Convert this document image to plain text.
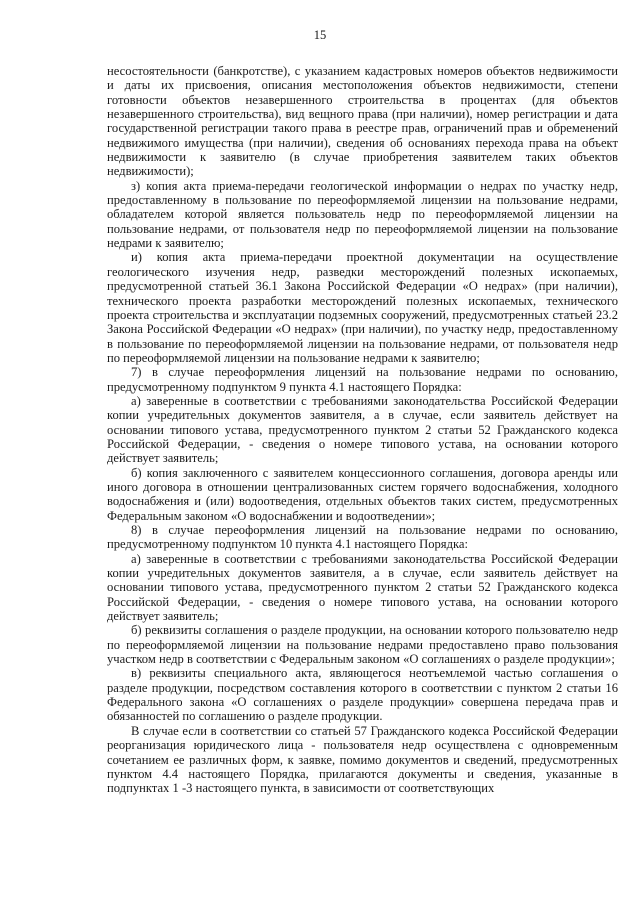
15

несостоятельности (банкротстве), с указанием кадастровых номеров объектов недвижимости и даты их присвоения, описания местоположения объектов недвижимости, степени готовности объектов незавершенного строительства в процентах (для объектов незавершенного строительства), вид вещного права (при наличии), номер регистрации и дата государственной регистрации такого права в реестре прав, ограничений прав и обременений недвижимого имущества (при наличии), сведения об основаниях перехода права на объект недвижимости к заявителю (в случае приобретения заявителем таких объектов недвижимости);

з) копия акта приема-передачи геологической информации о недрах по участку недр, предоставленному в пользование по переоформляемой лицензии на пользование недрами, обладателем которой является пользователь недр по переоформляемой лицензии на пользование недрами, от пользователя недр по переоформляемой лицензии на пользование недрами к заявителю;

и) копия акта приема-передачи проектной документации на осуществление геологического изучения недр, разведки месторождений полезных ископаемых, предусмотренной статьей 36.1 Закона Российской Федерации «О недрах» (при наличии), технического проекта разработки месторождений полезных ископаемых, технического проекта строительства и эксплуатации подземных сооружений, предусмотренных статьей 23.2 Закона Российской Федерации «О недрах» (при наличии), по участку недр, предоставленному в пользование по переоформляемой лицензии на пользование недрами, от пользователя недр по переоформляемой лицензии на пользование недрами к заявителю;

7) в случае переоформления лицензий на пользование недрами по основанию, предусмотренному подпунктом 9 пункта 4.1 настоящего Порядка:

а) заверенные в соответствии с требованиями законодательства Российской Федерации копии учредительных документов заявителя, а в случае, если заявитель действует на основании типового устава, предусмотренного пунктом 2 статьи 52 Гражданского кодекса Российской Федерации, - сведения о номере типового устава, на основании которого действует заявитель;

б) копия заключенного с заявителем концессионного соглашения, договора аренды или иного договора в отношении централизованных систем горячего водоснабжения, холодного водоснабжения и (или) водоотведения, отдельных объектов таких систем, предусмотренных Федеральным законом «О водоснабжении и водоотведении»;

8) в случае переоформления лицензий на пользование недрами по основанию, предусмотренному подпунктом 10 пункта 4.1 настоящего Порядка:

а) заверенные в соответствии с требованиями законодательства Российской Федерации копии учредительных документов заявителя, а в случае, если заявитель действует на основании типового устава, предусмотренного пунктом 2 статьи 52 Гражданского кодекса Российской Федерации, - сведения о номере типового устава, на основании которого действует заявитель;

б) реквизиты соглашения о разделе продукции, на основании которого пользователю недр по переоформляемой лицензии на пользование недрами предоставлено право пользования участком недр в соответствии с Федеральным законом «О соглашениях о разделе продукции»;

в) реквизиты специального акта, являющегося неотъемлемой частью соглашения о разделе продукции, посредством составления которого в соответствии с пунктом 2 статьи 16 Федерального закона «О соглашениях о разделе продукции» совершена передача прав и обязанностей по соглашению о разделе продукции.

В случае если в соответствии со статьей 57 Гражданского кодекса Российской Федерации реорганизация юридического лица - пользователя недр осуществлена с одновременным сочетанием ее различных форм, к заявке, помимо документов и сведений, предусмотренных пунктом 4.4 настоящего Порядка, прилагаются документы и сведения, указанные в подпунктах 1 -3 настоящего пункта, в зависимости от соответствующих
